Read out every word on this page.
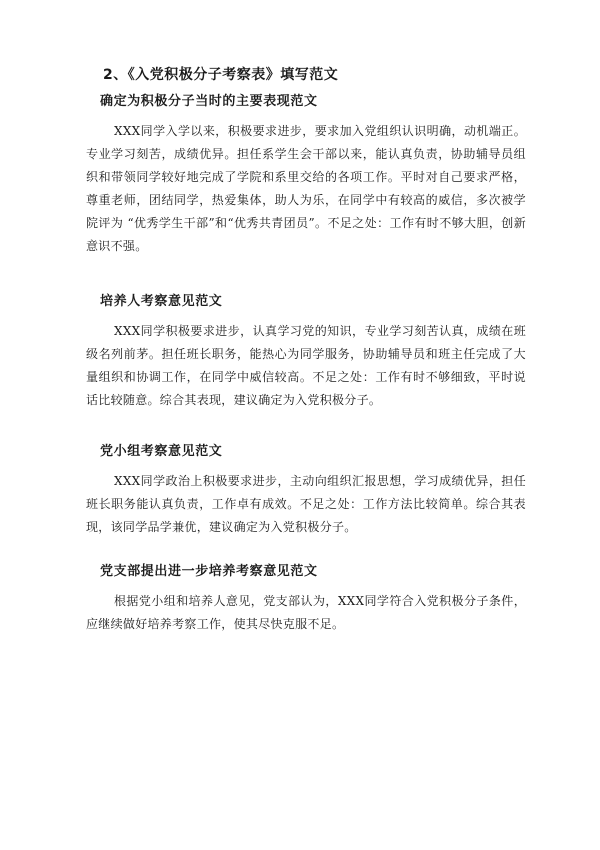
2、《入党积极分子考察表》填写范文
确定为积极分子当时的主要表现范文

XXX同学入学以来，积极要求进步，要求加入党组织认识明确，动机端正。专业学习刻苦，成绩优异。担任系学生会干部以来，能认真负责，协助辅导员组织和带领同学较好地完成了学院和系里交给的各项工作。平时对自己要求严格，尊重老师，团结同学，热爱集体，助人为乐，在同学中有较高的威信，多次被学院评为 “优秀学生干部”和“优秀共青团员”。不足之处：工作有时不够大胆，创新意识不强。

培养人考察意见范文

XXX同学积极要求进步，认真学习党的知识，专业学习刻苦认真，成绩在班级名列前茅。担任班长职务，能热心为同学服务，协助辅导员和班主任完成了大量组织和协调工作，在同学中威信较高。不足之处：工作有时不够细致，平时说话比较随意。综合其表现，建议确定为入党积极分子。

党小组考察意见范文

XXX同学政治上积极要求进步，主动向组织汇报思想，学习成绩优异，担任班长职务能认真负责，工作卓有成效。不足之处：工作方法比较简单。综合其表现，该同学品学兼优，建议确定为入党积极分子。

党支部提出进一步培养考察意见范文

根据党小组和培养人意见，党支部认为，XXX同学符合入党积极分子条件，应继续做好培养考察工作，使其尽快克服不足。
